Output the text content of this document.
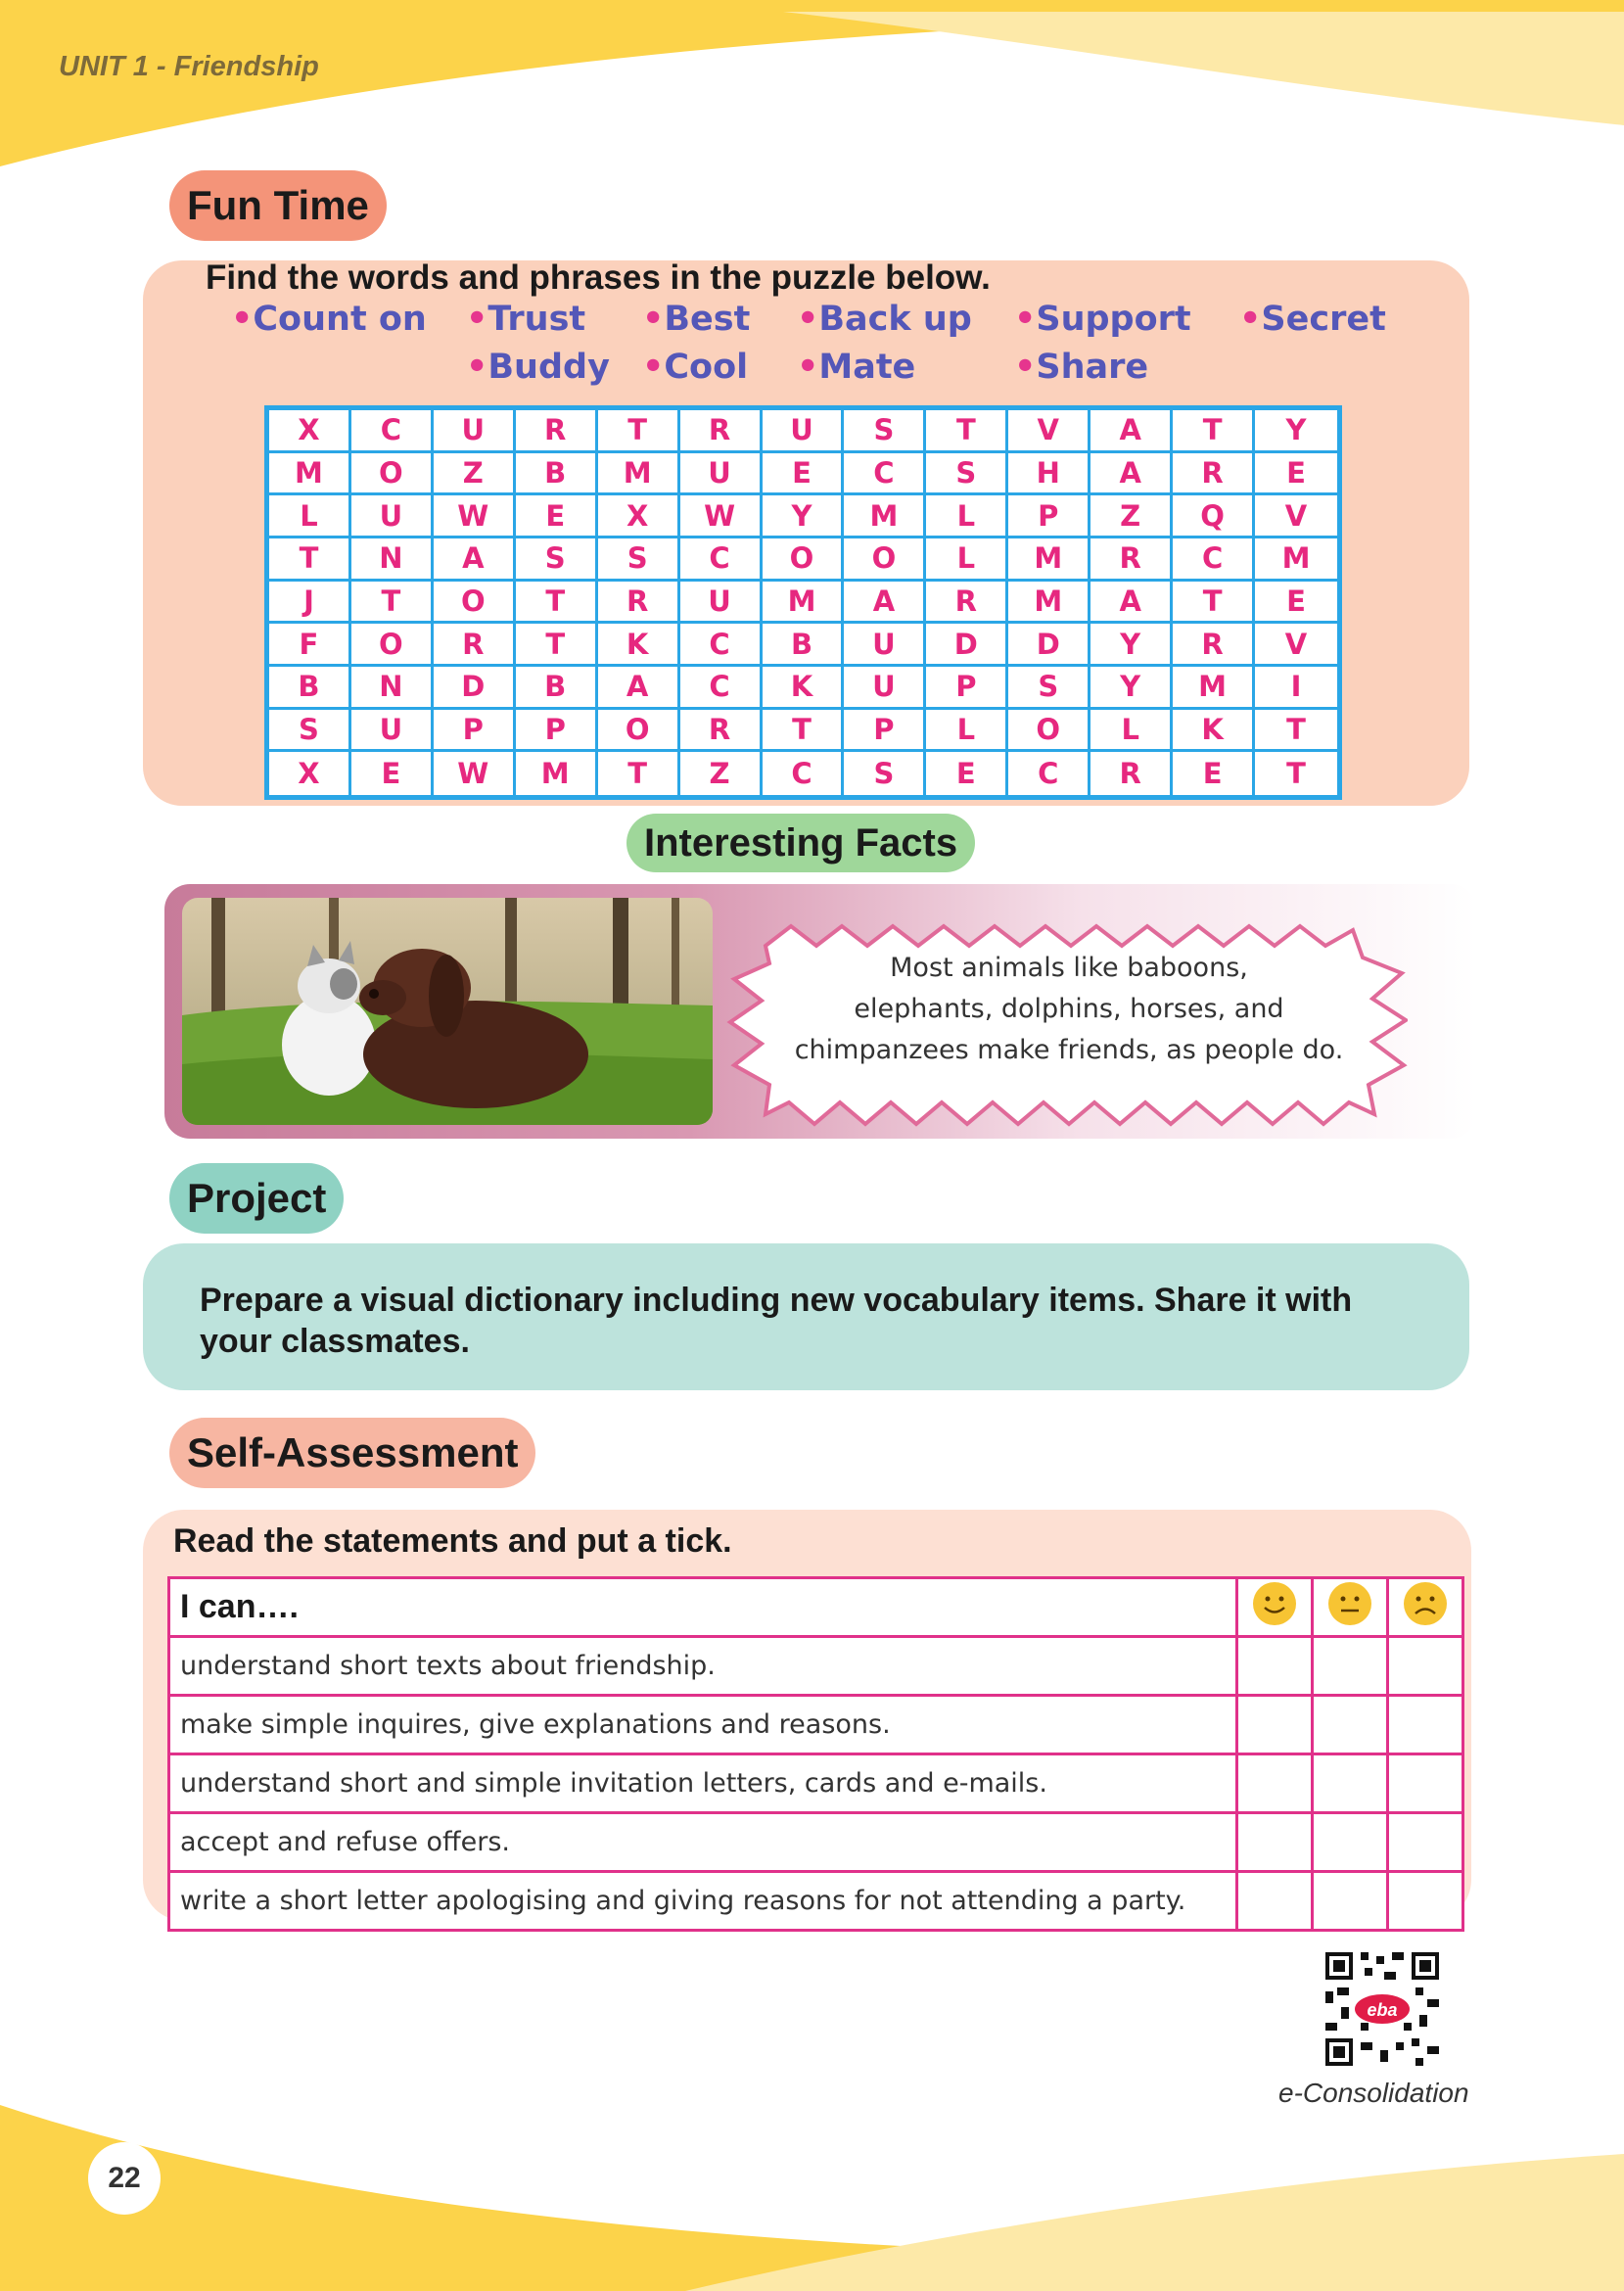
UNIT 1 - Friendship
Fun Time
Find the words and phrases in the puzzle below.
•Count on •Trust •Best •Back up •Support •Secret
•Buddy •Cool •Mate	•Share
X	C	U	R	T	R	U	S	T	V	A	T	Y
M	O	Z	B	M	U	E	C	S	H	A	R	E
L	U	W	E	X	W	Y	M	L	P	Z	Q	V
T	N	A	S	S	C	O	O	L	M	R	C	M
J	T	O	T	R	U	M	A	R	M	A	T	E
F	O	R	T	K	C	B	U	D	D	Y	R	V
B	N	D	B	A	C	K	U	P	S	Y	M	I
S	U	P	P	O	R	T	P	L	O	L	K	T
X	E	W	M	T	Z	C	S	E	C	R	E	T
Interesting Facts
Most animals like baboons,
elephants, dolphins, horses, and
chimpanzees make friends, as people do.
Project
Prepare a visual dictionary including new vocabulary items. Share it with your classmates.
Self-Assessment
Read the statements and put a tick.
I can….			
understand short texts about friendship.			
make simple inquires, give explanations and reasons.			
understand short and simple invitation letters, cards and e-mails.			
accept and refuse offers.			
write a short letter apologising and giving reasons for not attending a party.			
eba
e-Consolidation
22
